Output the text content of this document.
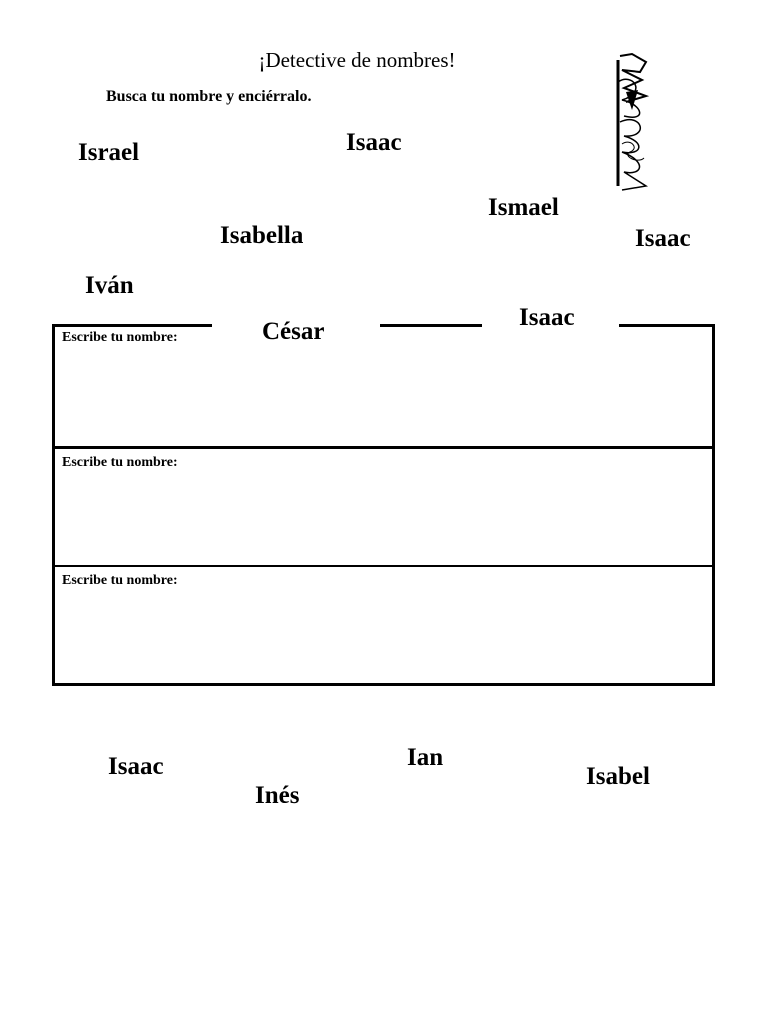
¡Detective de nombres!
Busca tu nombre y enciérralo.
Israel	Isaac
Ismael
Isabella	Isaac
Iván
César
Isaac
Escribe tu nombre:
Escribe tu nombre:
Escribe tu nombre:
Isaac	Ian
Isabel
Inés
